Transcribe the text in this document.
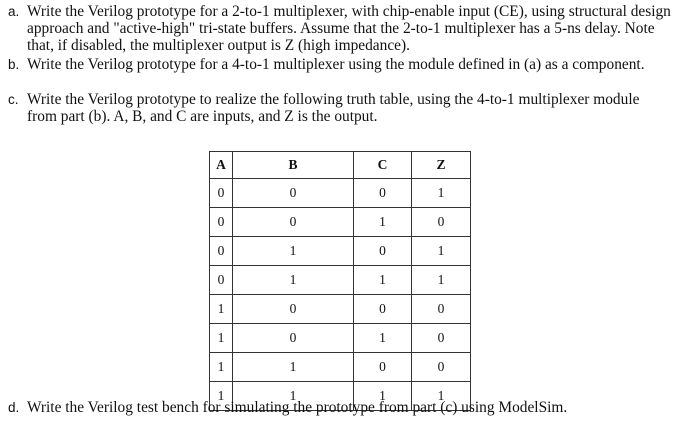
a. Write the Verilog prototype for a 2-to-1 multiplexer, with chip-enable input (CE), using structural design approach and "active-high" tri-state buffers. Assume that the 2-to-1 multiplexer has a 5-ns delay. Note that, if disabled, the multiplexer output is Z (high impedance).
b. Write the Verilog prototype for a 4-to-1 multiplexer using the module defined in (a) as a component.
c. Write the Verilog prototype to realize the following truth table, using the 4-to-1 multiplexer module from part (b). A, B, and C are inputs, and Z is the output.
A	B	C	Z
0	0	0	1
0	0	1	0
0	1	0	1
0	1	1	1
1	0	0	0
1	0	1	0
1	1	0	0
1	1	1	1
d. Write the Verilog test bench for simulating the prototype from part (c) using ModelSim.
